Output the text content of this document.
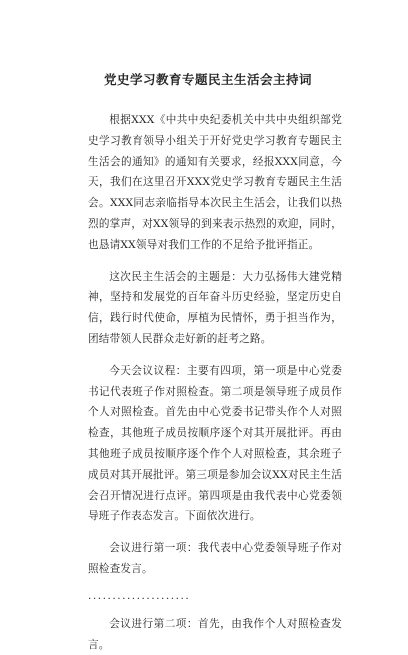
党史学习教育专题民主生活会主持词

根据XXX《中共中央纪委机关中共中央组织部党史学习教育领导小组关于开好党史学习教育专题民主生活会的通知》的通知有关要求，经报XXX同意，今天，我们在这里召开XXX党史学习教育专题民主生活会。XXX同志亲临指导本次民主生活会，让我们以热烈的掌声，对XX领导的到来表示热烈的欢迎，同时，也恳请XX领导对我们工作的不足给予批评指正。

这次民主生活会的主题是：大力弘扬伟大建党精神，坚持和发展党的百年奋斗历史经验，坚定历史自信，践行时代使命，厚植为民情怀，勇于担当作为，团结带领人民群众走好新的赶考之路。

今天会议议程：主要有四项，第一项是中心党委书记代表班子作对照检查。第二项是领导班子成员作个人对照检查。首先由中心党委书记带头作个人对照检查，其他班子成员按顺序逐个对其开展批评。再由其他班子成员按顺序逐个作个人对照检查，其余班子成员对其开展批评。第三项是参加会议XX对民主生活会召开情况进行点评。第四项是由我代表中心党委领导班子作表态发言。下面依次进行。

会议进行第一项：我代表中心党委领导班子作对照检查发言。

.....................

会议进行第二项：首先，由我作个人对照检查发言。
